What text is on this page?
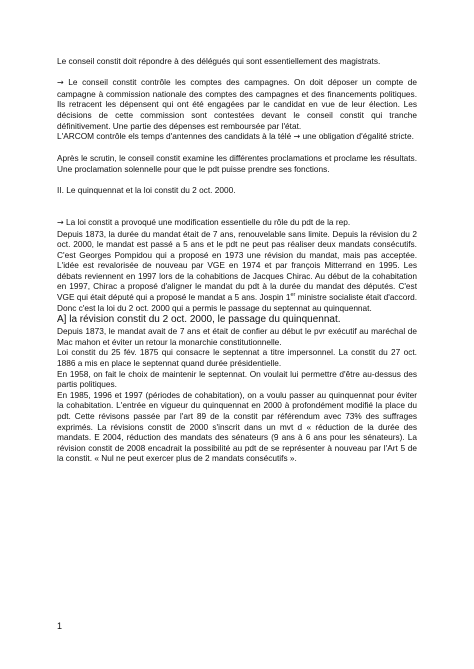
Le conseil constit doit répondre à des délégués qui sont essentiellement des magistrats.

→ Le conseil constit contrôle les comptes des campagnes. On doit déposer un compte de campagne à commission nationale des comptes des campagnes et des financements politiques. Ils retracent les dépensent qui ont été engagées par le candidat en vue de leur élection. Les décisions de cette commission sont contestées devant le conseil constit qui tranche définitivement. Une partie des dépenses est remboursée par l'état.

L'ARCOM contrôle els temps d'antennes des candidats à la télé → une obligation d'égalité stricte.

Après le scrutin, le conseil constit examine les différentes proclamations et proclame les résultats. Une proclamation solennelle pour que le pdt puisse prendre ses fonctions.

II. Le quinquennat et la loi constit du 2 oct. 2000.

→ La loi constit a provoqué une modification essentielle du rôle du pdt de la rep.

Depuis 1873, la durée du mandat était de 7 ans, renouvelable sans limite. Depuis la révision du 2 oct. 2000, le mandat est passé a 5 ans et le pdt ne peut pas réaliser deux mandats consécutifs. C'est Georges Pompidou qui a proposé en 1973 une révision du mandat, mais pas acceptée. L'idée est revalorisée de nouveau par VGE en 1974 et par françois Mitterrand en 1995. Les débats reviennent en 1997 lors de la cohabitions de Jacques Chirac. Au début de la cohabitation en 1997, Chirac a proposé d'aligner le mandat du pdt à la durée du mandat des députés. C'est VGE qui était député qui a proposé le mandat a 5 ans. Jospin 1er ministre socialiste était d'accord. Donc c'est la loi du 2 oct. 2000 qui a permis le passage du septennat au quinquennat.

A] la révision constit du 2 oct. 2000, le passage du quinquennat.

Depuis 1873, le mandat avait de 7 ans et était de confier au début le pvr exécutif au maréchal de Mac mahon et éviter un retour la monarchie constitutionnelle.

Loi constit du 25 fév. 1875 qui consacre le septennat a titre impersonnel. La constit du 27 oct. 1886 a mis en place le septennat quand durée présidentielle.

En 1958, on fait le choix de maintenir le septennat. On voulait lui permettre d'être au-dessus des partis politiques.

En 1985, 1996 et 1997 (périodes de cohabitation), on a voulu passer au quinquennat pour éviter la cohabitation. L'entrée en vigueur du quinquennat en 2000 à profondément modifié la place du pdt. Cette révisons passée par l'art 89 de la constit par référendum avec 73% des suffrages exprimés. La révisions constit de 2000 s'inscrit dans un mvt d « réduction de la durée des mandats. E 2004, réduction des mandats des sénateurs (9 ans à 6 ans pour les sénateurs). La révision constit de 2008 encadrait la possibilité au pdt de se représenter à nouveau par l'Art 5 de la constit. « Nul ne peut exercer plus de 2 mandats consécutifs ».

1
